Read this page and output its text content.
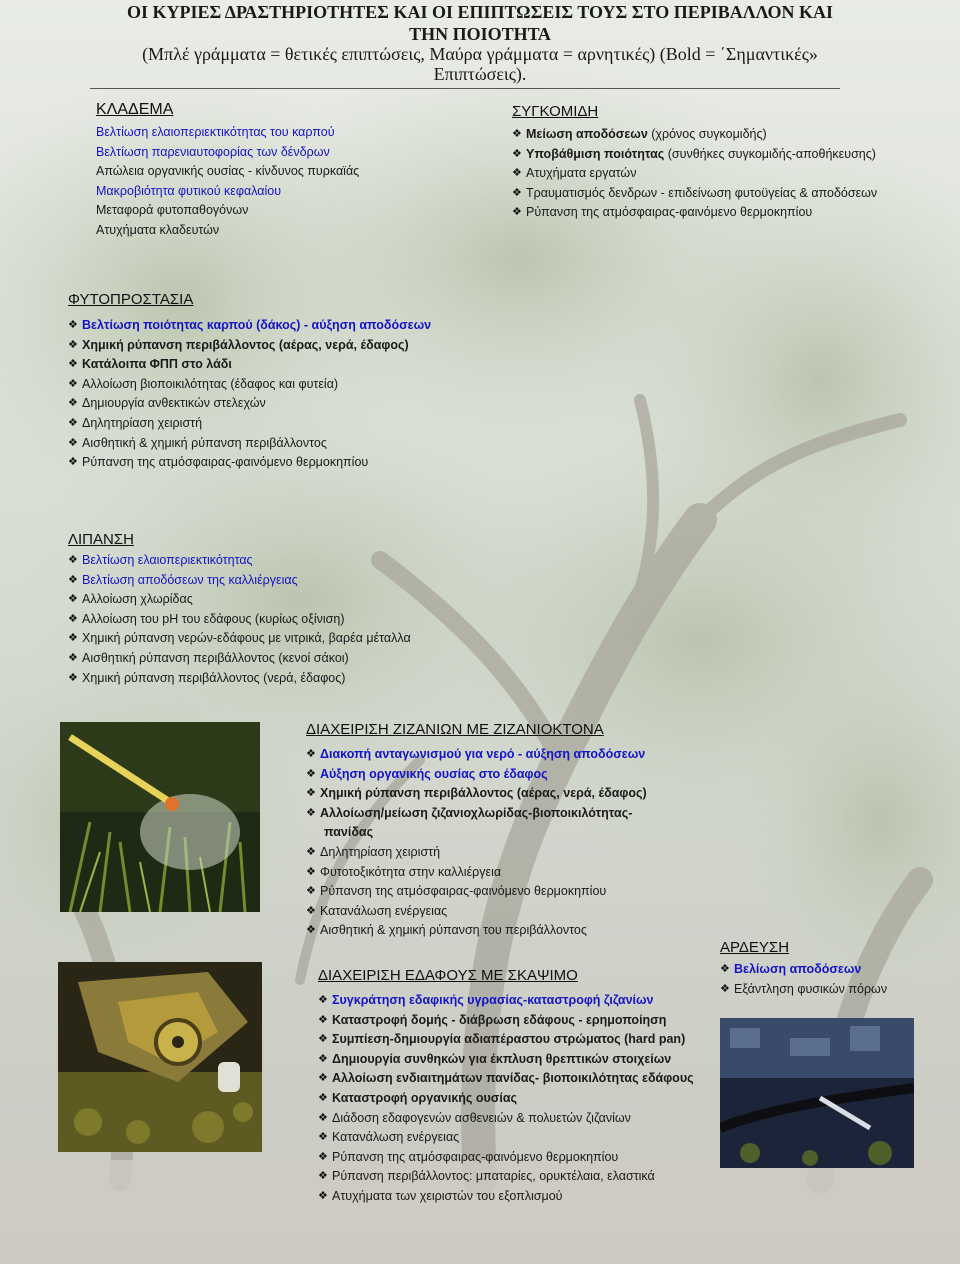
ΟΙ ΚΥΡΙΕΣ ΔΡΑΣΤΗΡΙΟΤΗΤΕΣ ΚΑΙ ΟΙ ΕΠΙΠΤΩΣΕΙΣ ΤΟΥΣ ΣΤΟ ΠΕΡΙΒΑΛΛΟΝ ΚΑΙ
ΤΗΝ ΠΟΙΟΤΗΤΑ
(Μπλέ γράμματα = θετικές επιπτώσεις, Μαύρα γράμματα = αρνητικές) (Bold = ΄Σημαντικές»
Επιπτώσεις).
ΚΛΑΔΕΜΑ
Βελτίωση ελαιοπεριεκτικότητας του καρπού
Βελτίωση παρενιαυτοφορίας των δένδρων
Απώλεια οργανικής ουσίας - κίνδυνος πυρκαϊάς
Μακροβιότητα φυτικού κεφαλαίου
Μεταφορά φυτοπαθογόνων
Ατυχήματα κλαδευτών
ΣΥΓΚΟΜΙΔΗ
❖ Μείωση αποδόσεων (χρόνος συγκομιδής)
❖ Υποβάθμιση ποιότητας (συνθήκες συγκομιδής-αποθήκευσης)
❖ Ατυχήματα εργατών
❖ Τραυματισμός δενδρων - επιδείνωση φυτοϋγείας & αποδόσεων
❖ Ρύπανση της ατμόσφαιρας-φαινόμενο θερμοκηπίου
ΦΥΤΟΠΡΟΣΤΑΣΙΑ
❖ Βελτίωση ποιότητας καρπού (δάκος) - αύξηση αποδόσεων
❖ Χημική ρύπανση περιβάλλοντος (αέρας, νερά, έδαφος)
❖ Κατάλοιπα ΦΠΠ στο λάδι
❖ Αλλοίωση βιοποικιλότητας (έδαφος και φυτεία)
❖ Δημιουργία ανθεκτικών στελεχών
❖ Δηλητηρίαση χειριστή
❖ Αισθητική & χημική ρύπανση περιβάλλοντος
❖ Ρύπανση της ατμόσφαιρας-φαινόμενο θερμοκηπίου
ΛΙΠΑΝΣΗ
❖ Βελτίωση ελαιοπεριεκτικότητας
❖ Βελτίωση αποδόσεων της καλλιέργειας
❖ Αλλοίωση χλωρίδας
❖ Αλλοίωση του pH του εδάφους (κυρίως οξίνιση)
❖ Χημική ρύπανση νερών-εδάφους με νιτρικά, βαρέα μέταλλα
❖ Αισθητική ρύπανση περιβάλλοντος (κενοί σάκοι)
❖ Χημική ρύπανση περιβάλλοντος (νερά, έδαφος)
ΔΙΑΧΕΙΡΙΣΗ ΖΙΖΑΝΙΩΝ ΜΕ ΖΙΖΑΝΙΟΚΤΟΝΑ
❖ Διακοπή ανταγωνισμού για νερό - αύξηση αποδόσεων
❖ Αύξηση οργανικής ουσίας στο έδαφος
❖ Χημική ρύπανση περιβάλλοντος (αέρας, νερά, έδαφος)
❖ Αλλοίωση/μείωση ζιζανιοχλωρίδας-βιοποικιλότητας-
πανίδας
❖ Δηλητηρίαση χειριστή
❖ Φυτοτοξικότητα στην καλλιέργεια
❖ Ρύπανση της ατμόσφαιρας-φαινόμενο θερμοκηπίου
❖ Κατανάλωση ενέργειας
❖ Αισθητική & χημική ρύπανση του περιβάλλοντος
ΔΙΑΧΕΙΡΙΣΗ ΕΔΑΦΟΥΣ ΜΕ ΣΚΑΨΙΜΟ
❖ Συγκράτηση εδαφικής υγρασίας-καταστροφή ζιζανίων
❖ Καταστροφή δομής - διάβρωση εδάφους - ερημοποίηση
❖ Συμπίεση-δημιουργία αδιαπέραστου στρώματος (hard pan)
❖ Δημιουργία συνθηκών για έκπλυση θρεπτικών στοιχείων
❖ Αλλοίωση ενδιαιτημάτων πανίδας- βιοποικιλότητας εδάφους
❖ Καταστροφή οργανικής ουσίας
❖ Διάδοση εδαφογενών ασθενειών & πολυετών ζιζανίων
❖ Κατανάλωση ενέργειας
❖ Ρύπανση της ατμόσφαιρας-φαινόμενο θερμοκηπίου
❖ Ρύπανση περιβάλλοντος: μπαταρίες, ορυκτέλαια, ελαστικά
❖ Ατυχήματα των χειριστών του εξοπλισμού
ΑΡΔΕΥΣΗ
❖ Βελίωση αποδόσεων
❖ Εξάντληση φυσικών πόρων
